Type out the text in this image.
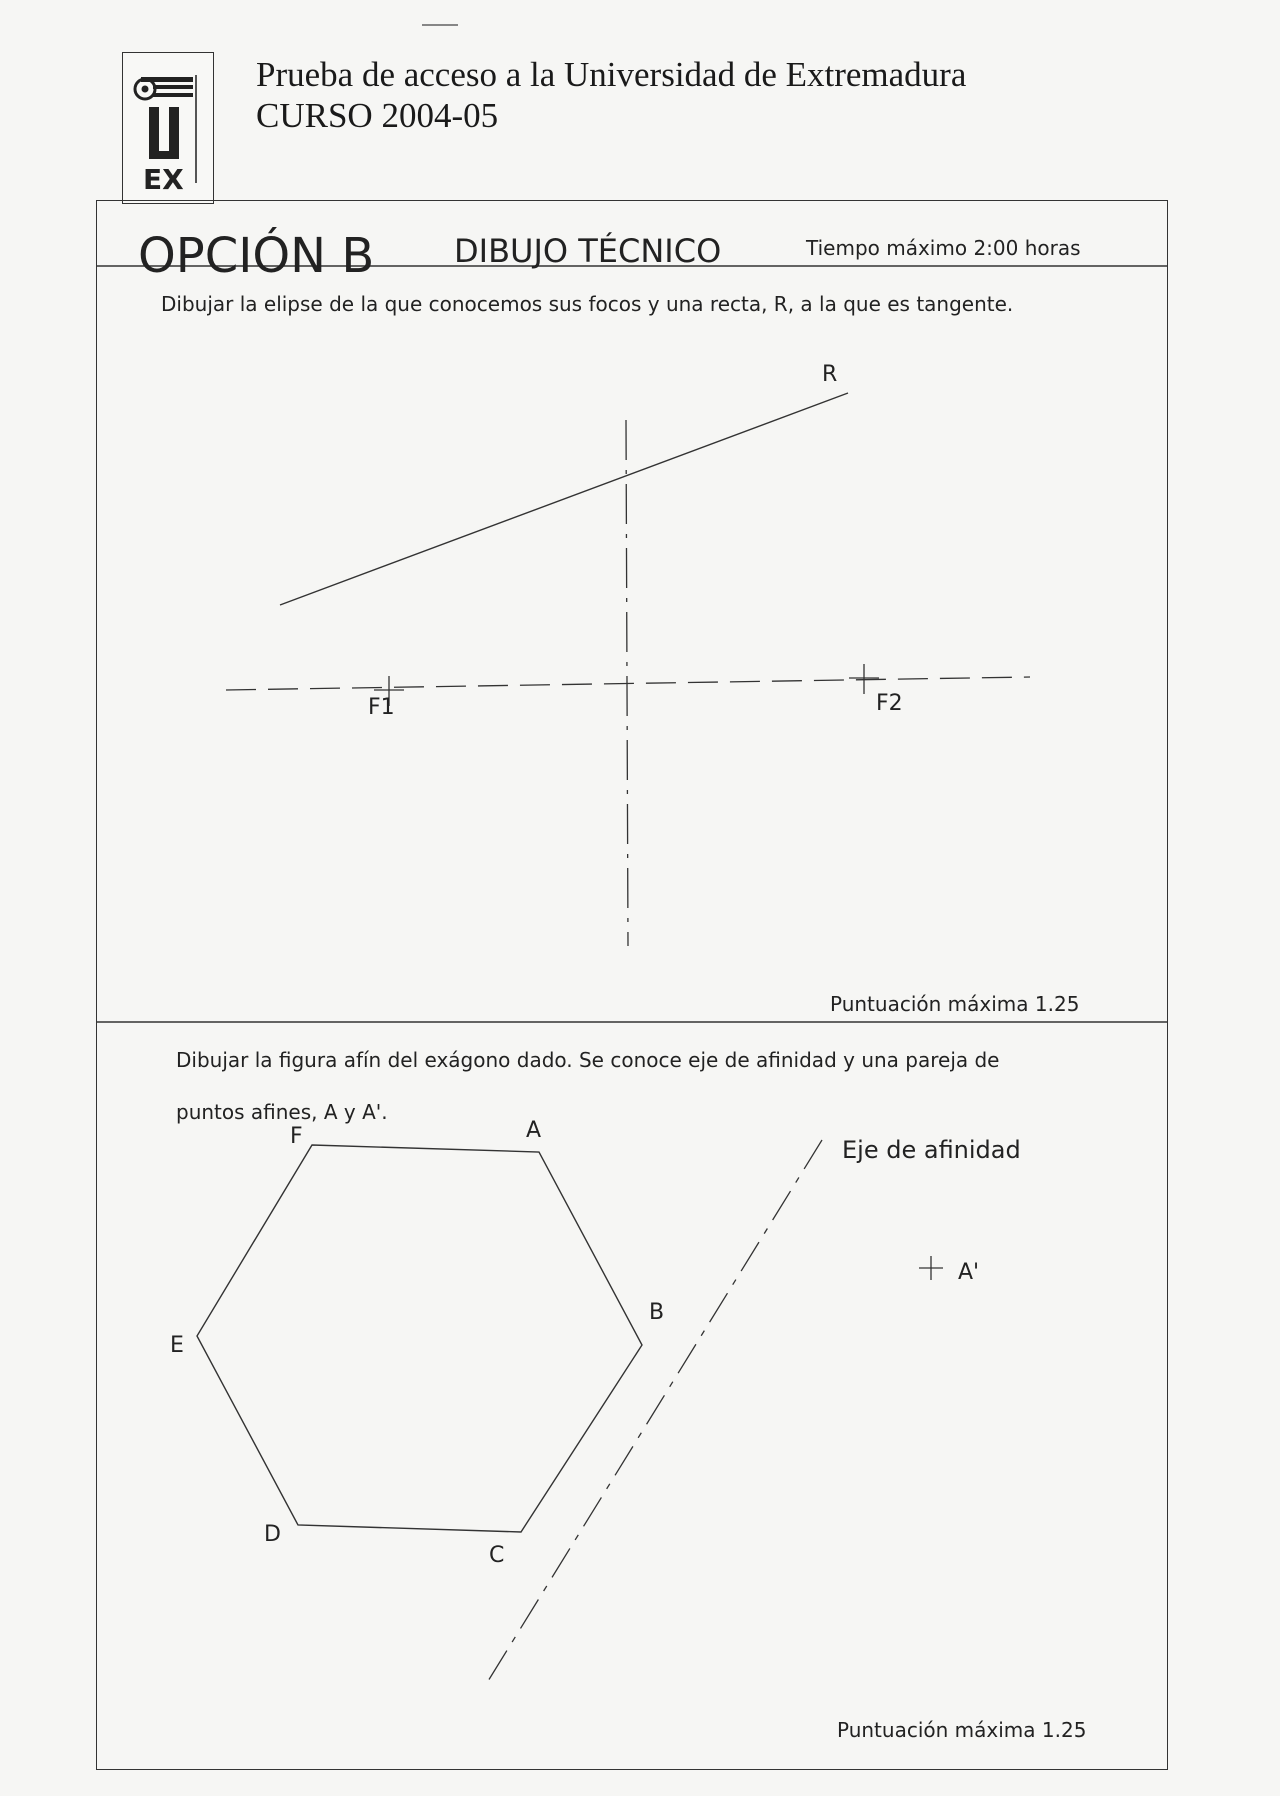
EX
Prueba de acceso a la Universidad de Extremadura
CURSO 2004-05
OPCIÓN B DIBUJO TÉCNICO	Tiempo máximo 2:00 horas
Dibujar la elipse de la que conocemos sus focos y una recta, R, a la que es tangente.
R
F1	F2
Puntuación máxima 1.25
Dibujar la figura afín del exágono dado. Se conoce eje de afinidad y una pareja de
puntos afines, A y A'.
F	A
B
E
D
C
Eje de afinidad
A'
Puntuación máxima 1.25
